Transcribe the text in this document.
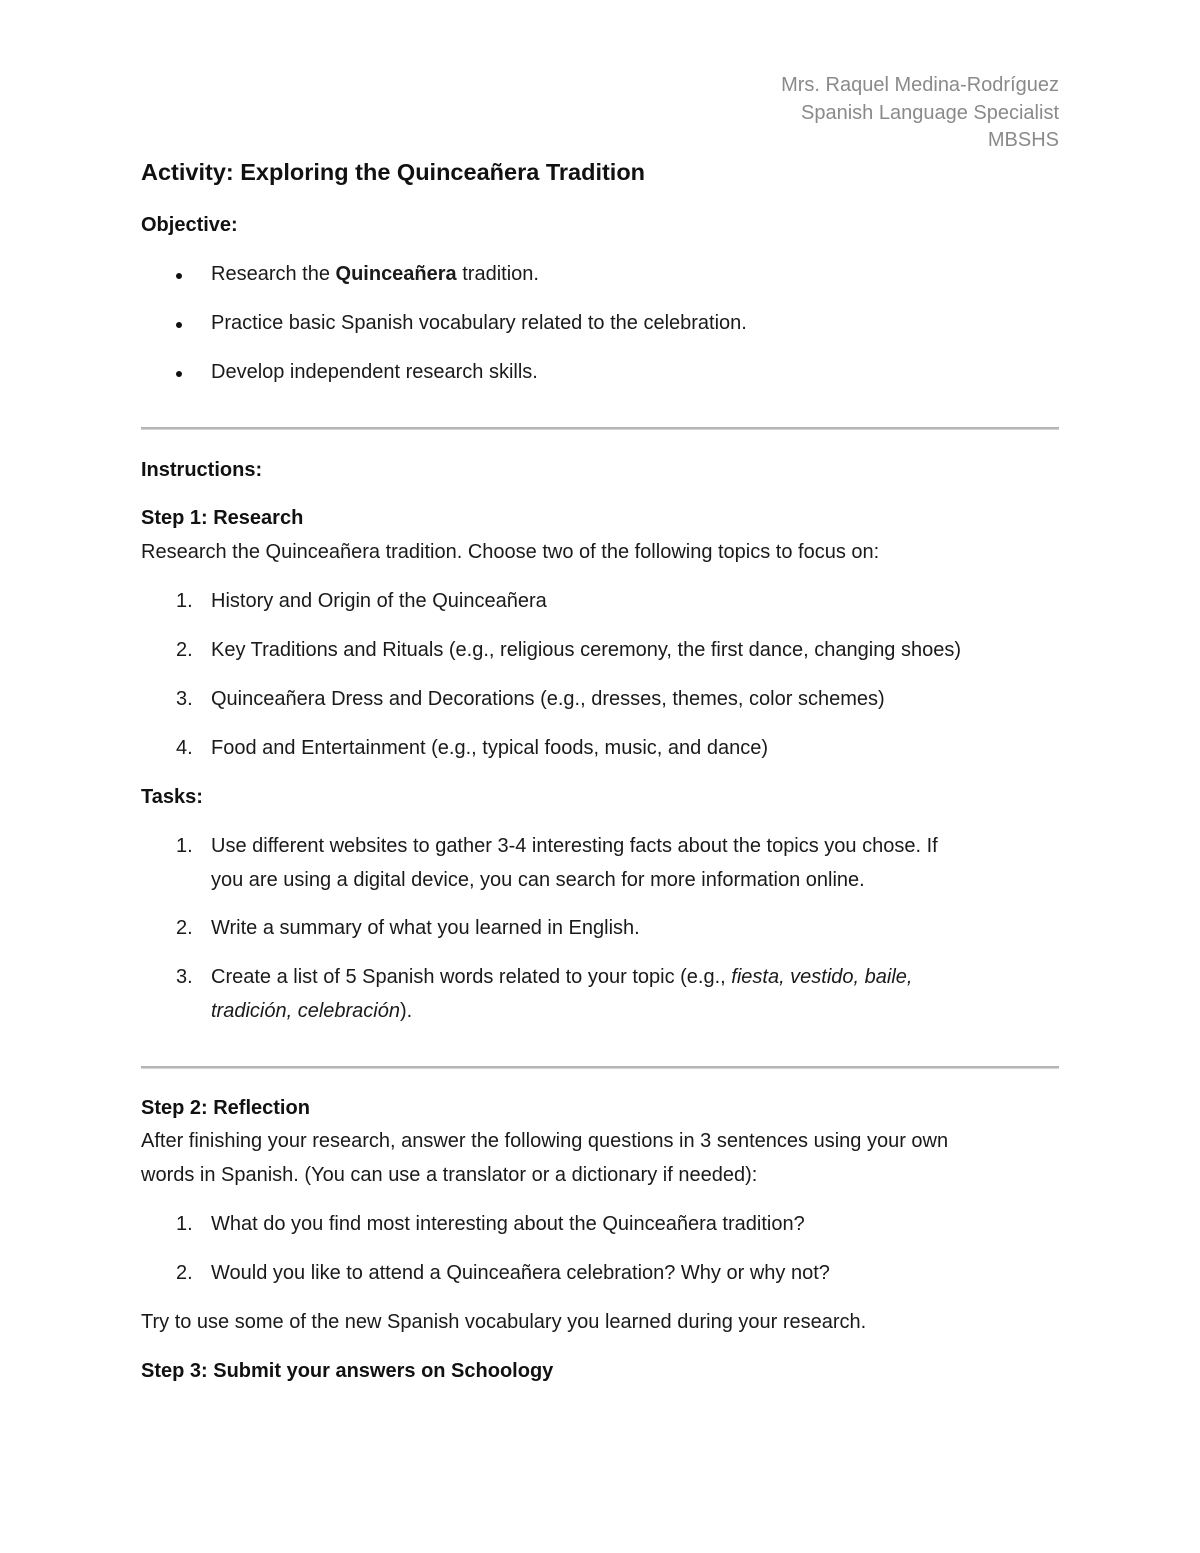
Mrs. Raquel Medina-Rodríguez
Spanish Language Specialist
MBSHS
Activity: Exploring the Quinceañera Tradition
Objective:
Research the Quinceañera tradition.
Practice basic Spanish vocabulary related to the celebration.
Develop independent research skills.
Instructions:
Step 1: Research
Research the Quinceañera tradition. Choose two of the following topics to focus on:
1. History and Origin of the Quinceañera
2. Key Traditions and Rituals (e.g., religious ceremony, the first dance, changing shoes)
3. Quinceañera Dress and Decorations (e.g., dresses, themes, color schemes)
4. Food and Entertainment (e.g., typical foods, music, and dance)
Tasks:
1. Use different websites to gather 3-4 interesting facts about the topics you chose. If
you are using a digital device, you can search for more information online.
2. Write a summary of what you learned in English.
3. Create a list of 5 Spanish words related to your topic (e.g., fiesta, vestido, baile,
tradición, celebración).
Step 2: Reflection
After finishing your research, answer the following questions in 3 sentences using your own
words in Spanish. (You can use a translator or a dictionary if needed):
1. What do you find most interesting about the Quinceañera tradition?
2. Would you like to attend a Quinceañera celebration? Why or why not?
Try to use some of the new Spanish vocabulary you learned during your research.
Step 3: Submit your answers on Schoology
